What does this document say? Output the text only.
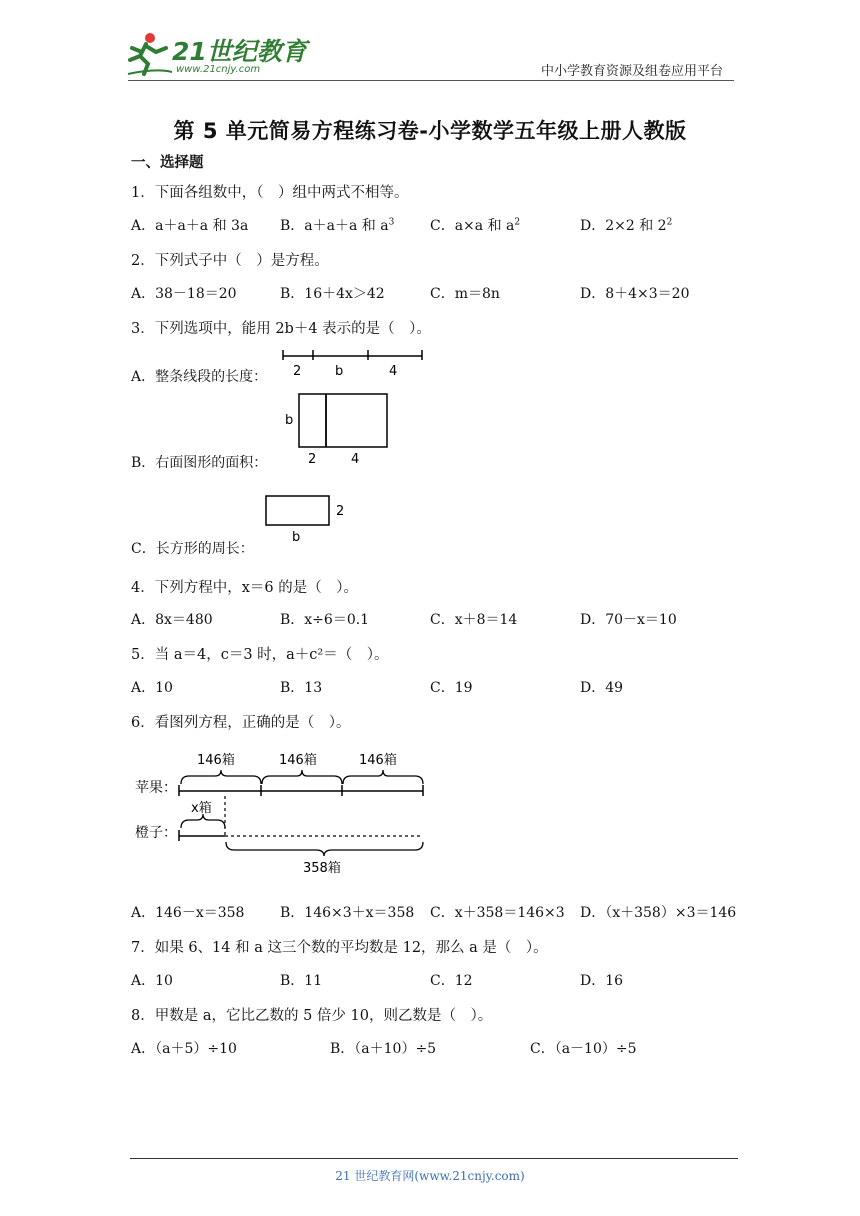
21世纪教育
www.21cnjy.com	中小学教育资源及组卷应用平台
第 5 单元简易方程练习卷-小学数学五年级上册人教版
一、选择题
1．下面各组数中，（　）组中两式不相等。
A．a＋a＋a 和 3a B．a＋a＋a 和 $a^3$	C．a×a 和 $a^2$	D．2×2 和 $2^2$
2．下列式子中（　）是方程。
A．38－18＝20	B．16＋4x＞42	C．m＝8n	D．8＋4×3＝20
3．下列选项中，能用 2b＋4 表示的是（　）。
A．整条线段的长度： 2	b	4
B．右面图形的面积：
b
2	4
C．长方形的周长：
2
b
4．下列方程中，x＝6 的是（　）。
A．8x＝480	B．x÷6＝0.1	C．x＋8＝14	D．70－x＝10
5．当 a＝4，c＝3 时，a＋c²＝（　）。
A．10	B．13	C．19	D．49
6．看图列方程，正确的是（　）。
146箱	146箱	146箱
苹果：
x箱
橙子：
358箱
A．146－x＝358	B．146×3＋x＝358 C．x＋358＝146×3 D．（x＋358）×3＝146
7．如果 6、14 和 a 这三个数的平均数是 12，那么 a 是（　）。
A．10	B．11	C．12	D．16
8．甲数是 a，它比乙数的 5 倍少 10，则乙数是（　）。
A．（a＋5）÷10	B．（a＋10）÷5	C．（a－10）÷5
21 世纪教育网(www.21cnjy.com)
